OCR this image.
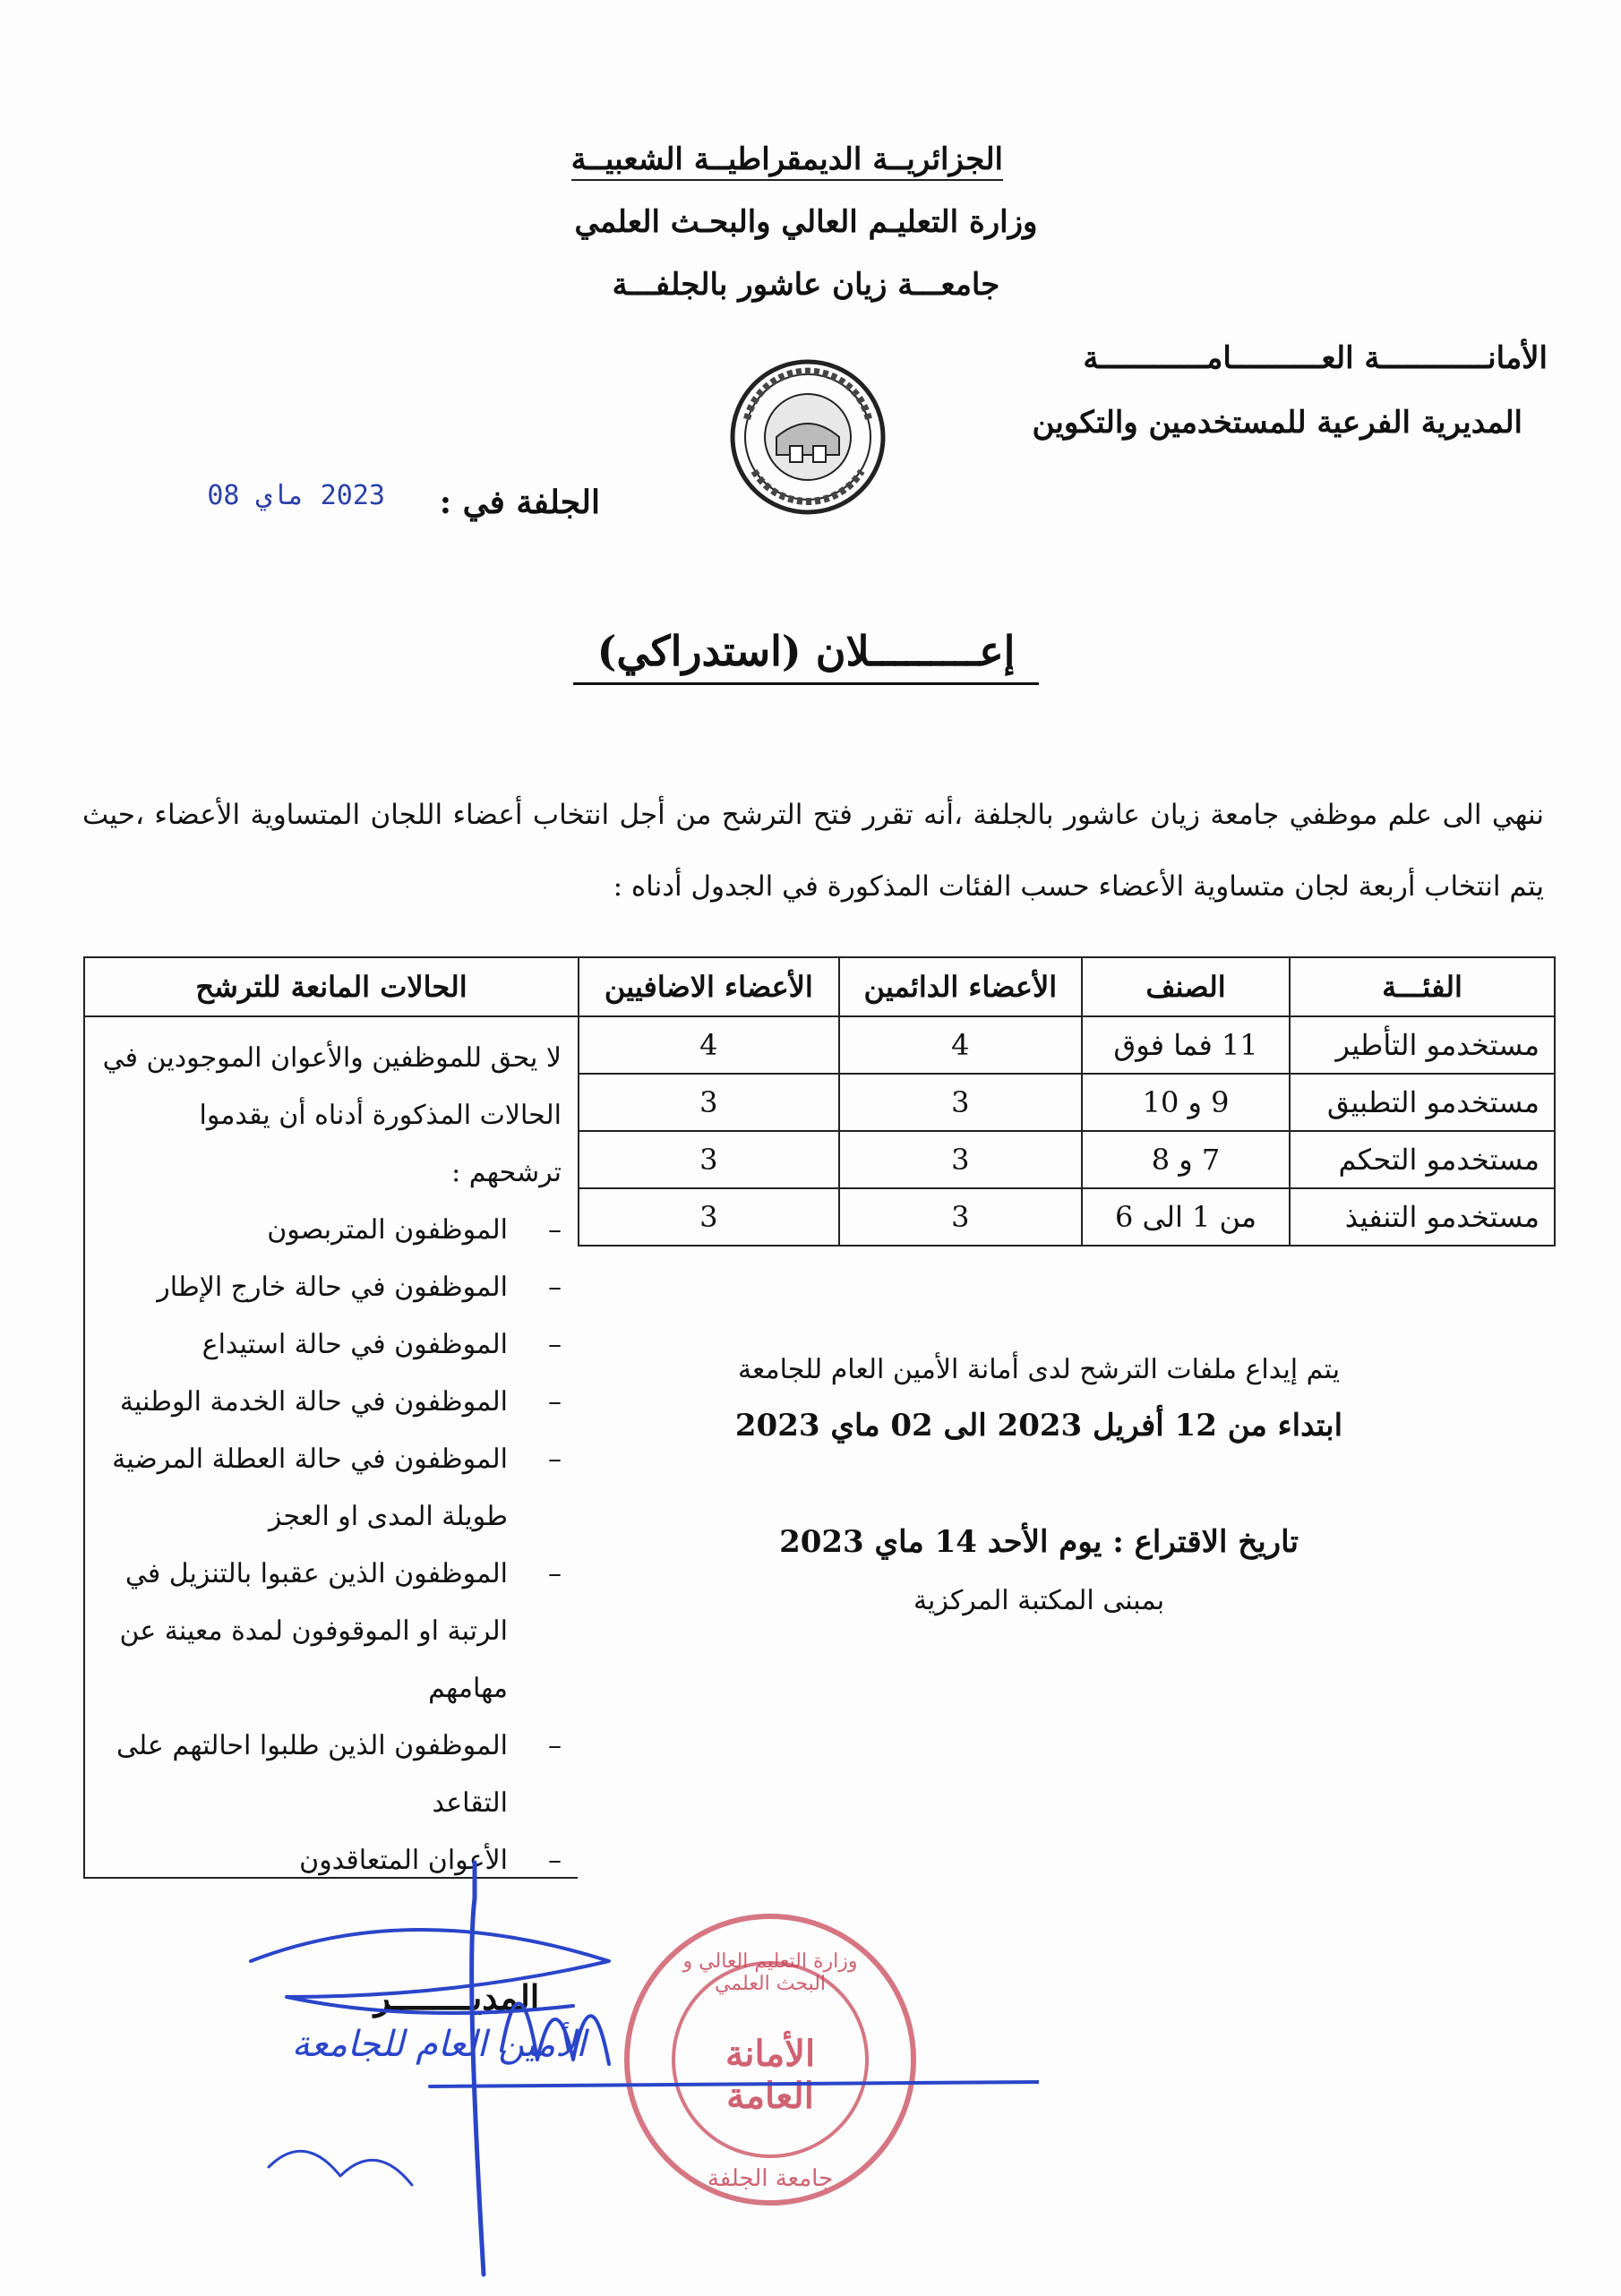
الجزائريــة الديمقراطيــة الشعبيــة
وزارة التعليـم العالي والبحـث العلمي
جامعـــة زيان عاشور بالجلفـــة
الأمانــــــــــــة العــــــــــامــــــــــــة
المديرية الفرعية للمستخدمين والتكوين
الجلفة في :
2023 ماي 08
إعـــــــــلان (استدراكي)
ننهي الى علم موظفي جامعة زيان عاشور بالجلفة ،أنه تقرر فتح الترشح من أجل انتخاب أعضاء اللجان المتساوية الأعضاء ،حيث يتم انتخاب أربعة لجان متساوية الأعضاء حسب الفئات المذكورة في الجدول أدناه :
الفئـــة	الصنف	الأعضاء الدائمين	الأعضاء الاضافيين
مستخدمو التأطير	11 فما فوق	4	4
مستخدمو التطبيق	9 و 10	3	3
مستخدمو التحكم	7 و 8	3	3
مستخدمو التنفيذ	من 1 الى 6	3	3
الحالات المانعة للترشح

لا يحق للموظفين والأعوان الموجودين في الحالات المذكورة أدناه أن يقدموا ترشحهم :

– الموظفون المتربصون
– الموظفون في حالة خارج الإطار
– الموظفون في حالة استيداع
– الموظفون في حالة الخدمة الوطنية
– الموظفون في حالة العطلة المرضية طويلة المدى او العجز
– الموظفون الذين عقبوا بالتنزيل في الرتبة او الموقوفون لمدة معينة عن مهامهم
– الموظفون الذين طلبوا احالتهم على التقاعد
– الأعوان المتعاقدون
يتم إيداع ملفات الترشح لدى أمانة الأمين العام للجامعة
ابتداء من 12 أفريل 2023 الى 02 ماي 2023
تاريخ الاقتراع : يوم الأحد 14 ماي 2023
بمبنى المكتبة المركزية
وزارة التعليم العالي و البحث العلمي
الأمانة العامة
جامعة الجلفة
المديــــــــر
الأمين العام للجامعة
